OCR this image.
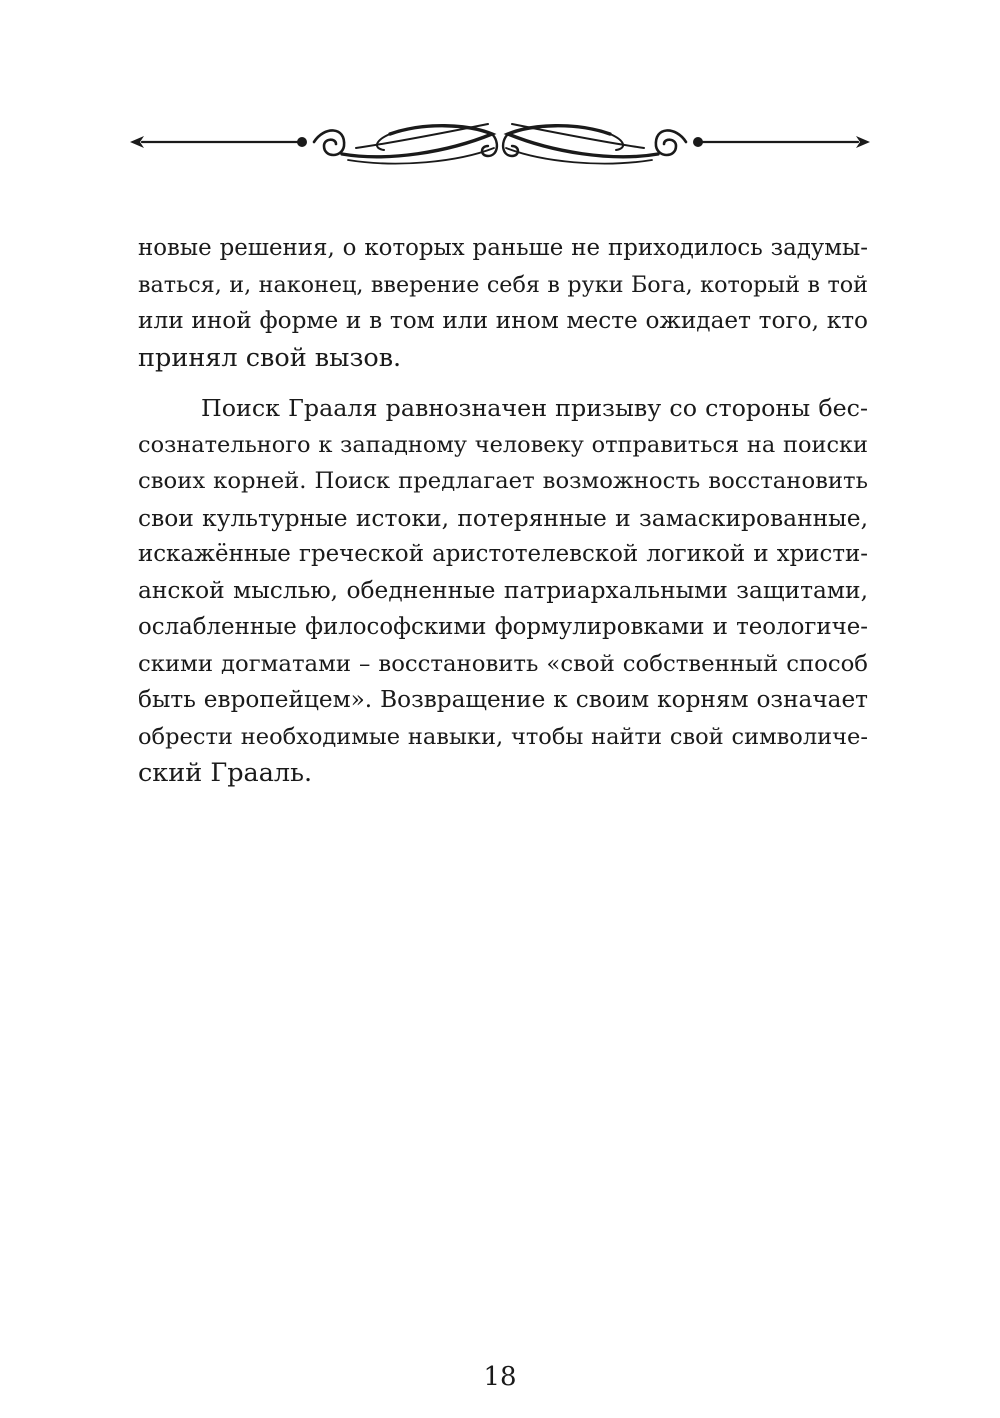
новые решения, о которых раньше не приходилось задумы-
ваться, и, наконец, вверение себя в руки Бога, который в той
или иной форме и в том или ином месте ожидает того, кто
принял свой вызов.
Поиск Грааля равнозначен призыву со стороны бес-
сознательного к западному человеку отправиться на поиски
своих корней. Поиск предлагает возможность восстановить
свои культурные истоки, потерянные и замаскированные,
искажённые греческой аристотелевской логикой и христи-
анской мыслью, обедненные патриархальными защитами,
ослабленные философскими формулировками и теологиче-
скими догматами – восстановить «свой собственный способ
быть европейцем». Возвращение к своим корням означает
обрести необходимые навыки, чтобы найти свой символиче-
ский Грааль.
18
